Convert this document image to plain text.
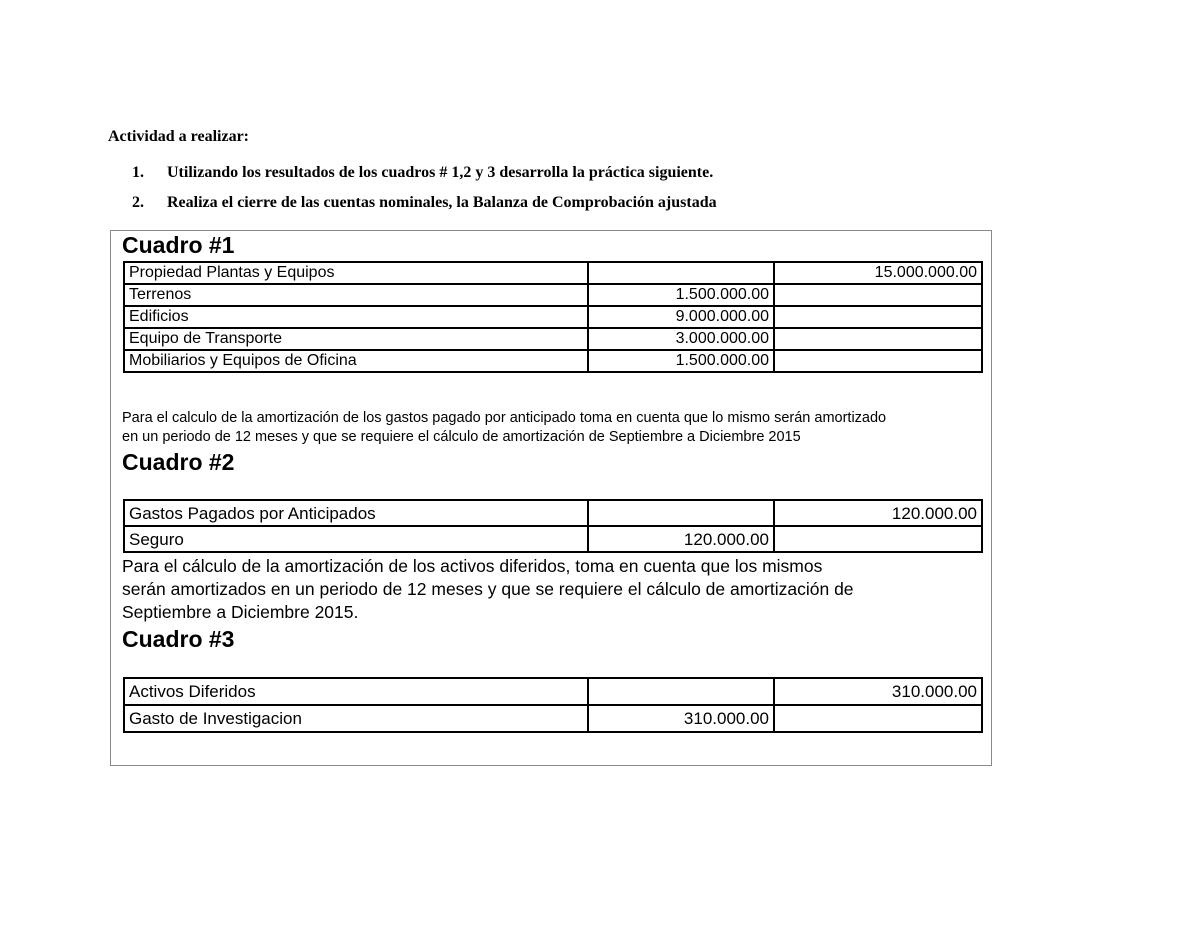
Actividad a realizar:
1. Utilizando los resultados de los cuadros # 1,2 y 3 desarrolla la práctica siguiente.
2. Realiza el cierre de las cuentas nominales, la Balanza de Comprobación ajustada
Cuadro #1
Propiedad Plantas y Equipos		15.000.000.00
Terrenos	1.500.000.00	
Edificios	9.000.000.00	
Equipo de Transporte	3.000.000.00	
Mobiliarios y Equipos de Oficina	1.500.000.00	
Para el calculo de la amortización de los gastos pagado por anticipado toma en cuenta que lo mismo serán amortizado
en un periodo de 12 meses y que se requiere el cálculo de amortización de Septiembre a Diciembre 2015
Cuadro #2
Gastos Pagados por Anticipados		120.000.00
Seguro	120.000.00	
Para el cálculo de la amortización de los activos diferidos, toma en cuenta que los mismos
serán amortizados en un periodo de 12 meses y que se requiere el cálculo de amortización de
Septiembre a Diciembre 2015.
Cuadro #3
Activos Diferidos		310.000.00
Gasto de Investigacion	310.000.00	
